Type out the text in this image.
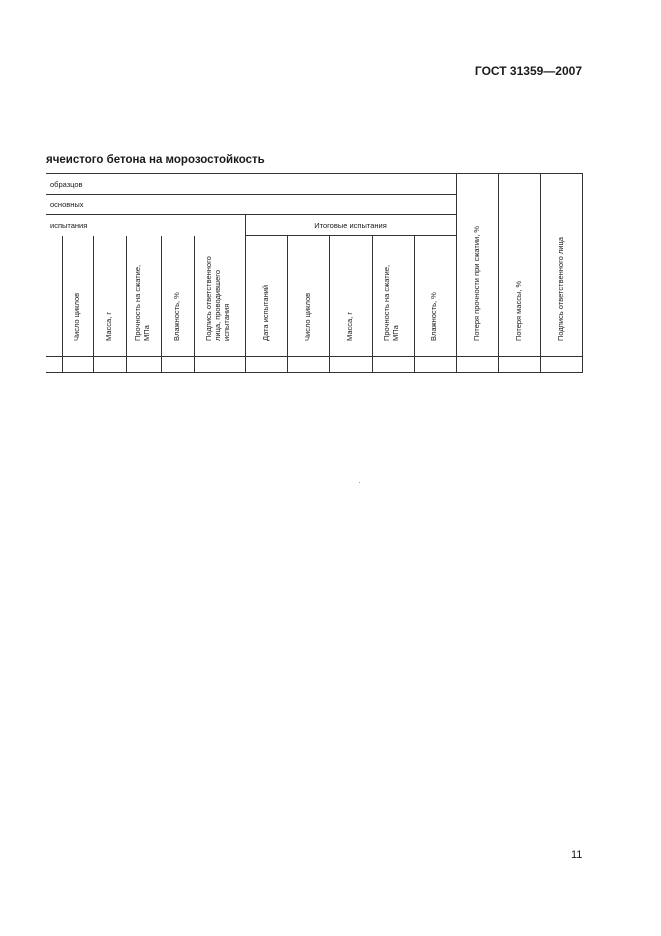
ГОСТ 31359—2007
ячеистого бетона на морозостойкость
образцов
основных
испытания	Итоговые испытания
Число циклов	Масса, г	Прочность на сжатие, МПа	Влажность, %	Подпись ответственного лица, проводившего испытания	Дата испытаний	Число циклов	Масса, г	Прочность на сжатие, МПа	Влажность, %	Потеря прочности при сжатии, %	Потеря массы, %	Подпись ответственного лица
11
